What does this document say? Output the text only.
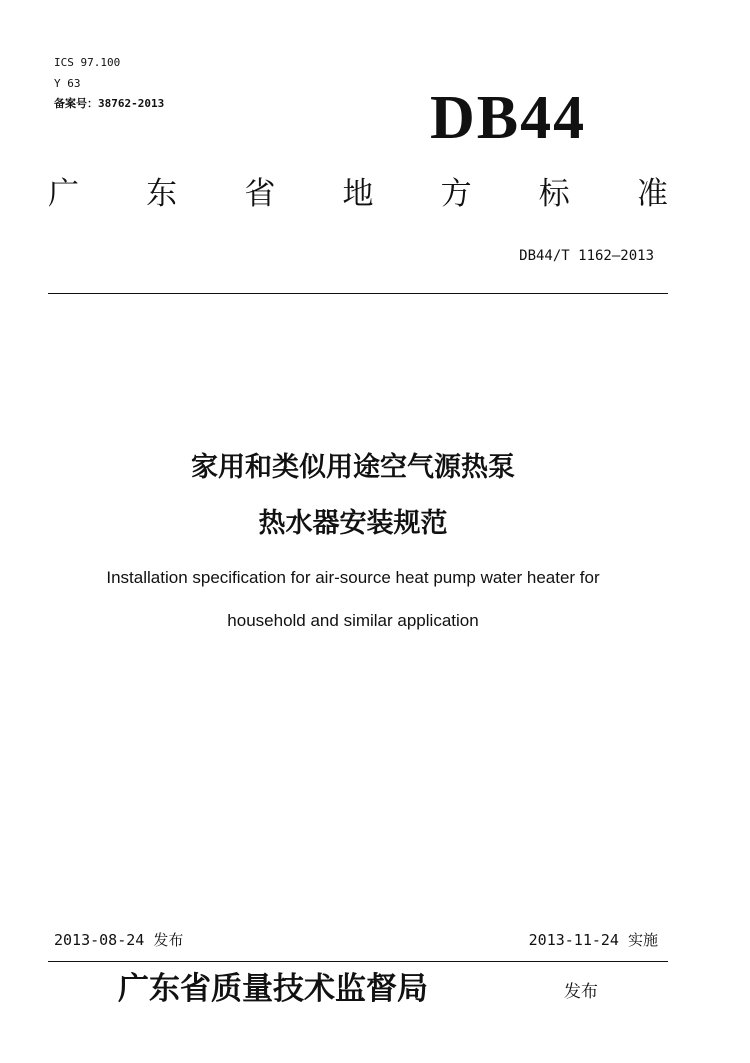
ICS 97.100
Y 63
备案号：38762-2013	DB44
广 东 省 地 方 标 准
DB44/T 1162—2013
家用和类似用途空气源热泵
热水器安装规范
Installation specification for air-source heat pump water heater for
household and similar application
2013-08-24 发布	2013-11-24 实施
广东省质量技术监督局	发布
